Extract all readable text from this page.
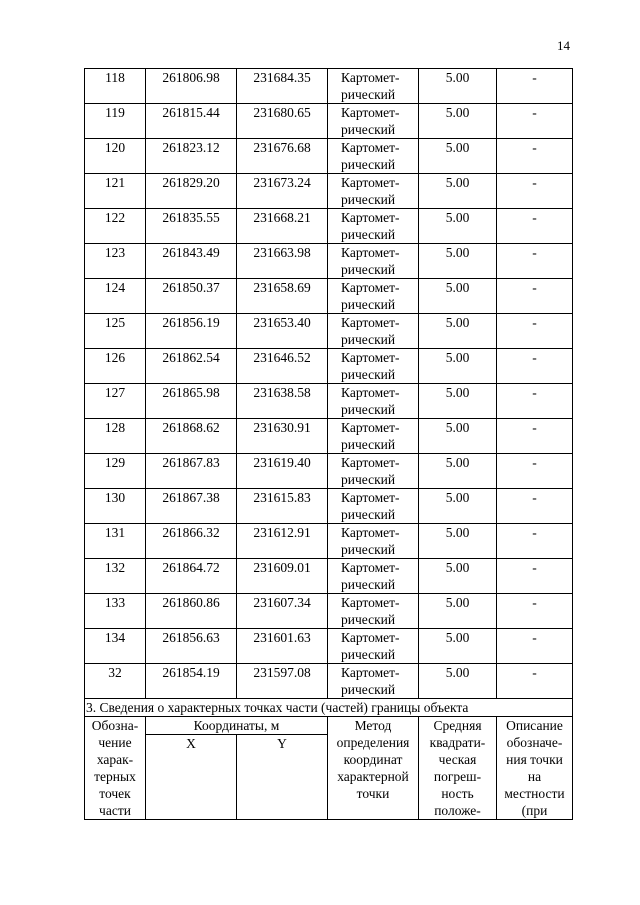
14
118	261806.98	231684.35	Картомет-рический	5.00	-
119	261815.44	231680.65	Картомет-рический	5.00	-
120	261823.12	231676.68	Картомет-рический	5.00	-
121	261829.20	231673.24	Картомет-рический	5.00	-
122	261835.55	231668.21	Картомет-рический	5.00	-
123	261843.49	231663.98	Картомет-рический	5.00	-
124	261850.37	231658.69	Картомет-рический	5.00	-
125	261856.19	231653.40	Картомет-рический	5.00	-
126	261862.54	231646.52	Картомет-рический	5.00	-
127	261865.98	231638.58	Картомет-рический	5.00	-
128	261868.62	231630.91	Картомет-рический	5.00	-
129	261867.83	231619.40	Картомет-рический	5.00	-
130	261867.38	231615.83	Картомет-рический	5.00	-
131	261866.32	231612.91	Картомет-рический	5.00	-
132	261864.72	231609.01	Картомет-рический	5.00	-
133	261860.86	231607.34	Картомет-рический	5.00	-
134	261856.63	231601.63	Картомет-рический	5.00	-
32	261854.19	231597.08	Картомет-рический	5.00	-
3. Сведения о характерных точках части (частей) границы объекта					
Обозна-чение харак-терных точек части	Координаты, м		Метод определения координат характерной точки	Средняя квадрати-ческая погреш-ность положе-	Описание обозначе-ния точки на местности (при
	X	Y			
